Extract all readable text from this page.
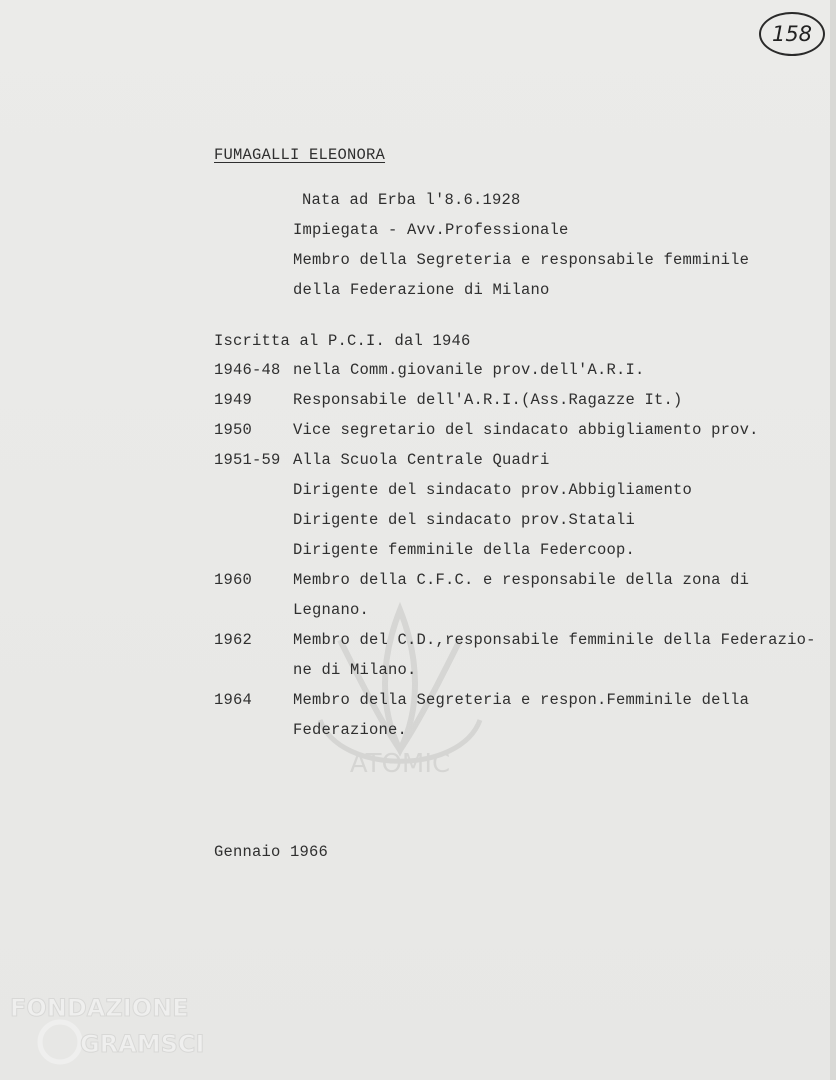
158
ATOMIC
FUMAGALLI ELEONORA
Nata ad Erba l'8.6.1928
Impiegata - Avv.Professionale
Membro della Segreteria e responsabile femminile
della Federazione di Milano
Iscritta al P.C.I. dal 1946
1946-48 nella Comm.giovanile prov.dell'A.R.I.
1949	Responsabile dell'A.R.I.(Ass.Ragazze It.)
1950	Vice segretario del sindacato abbigliamento prov.
1951-59 Alla Scuola Centrale Quadri
Dirigente del sindacato prov.Abbigliamento
Dirigente del sindacato prov.Statali
Dirigente femminile della Federcoop.
1960	Membro della C.F.C. e responsabile della zona di
Legnano.
1962	Membro del C.D.,responsabile femminile della Federazio-
ne di Milano.
1964	Membro della Segreteria e respon.Femminile della
Federazione.
Gennaio 1966
FONDAZIONE
GRAMSCI
